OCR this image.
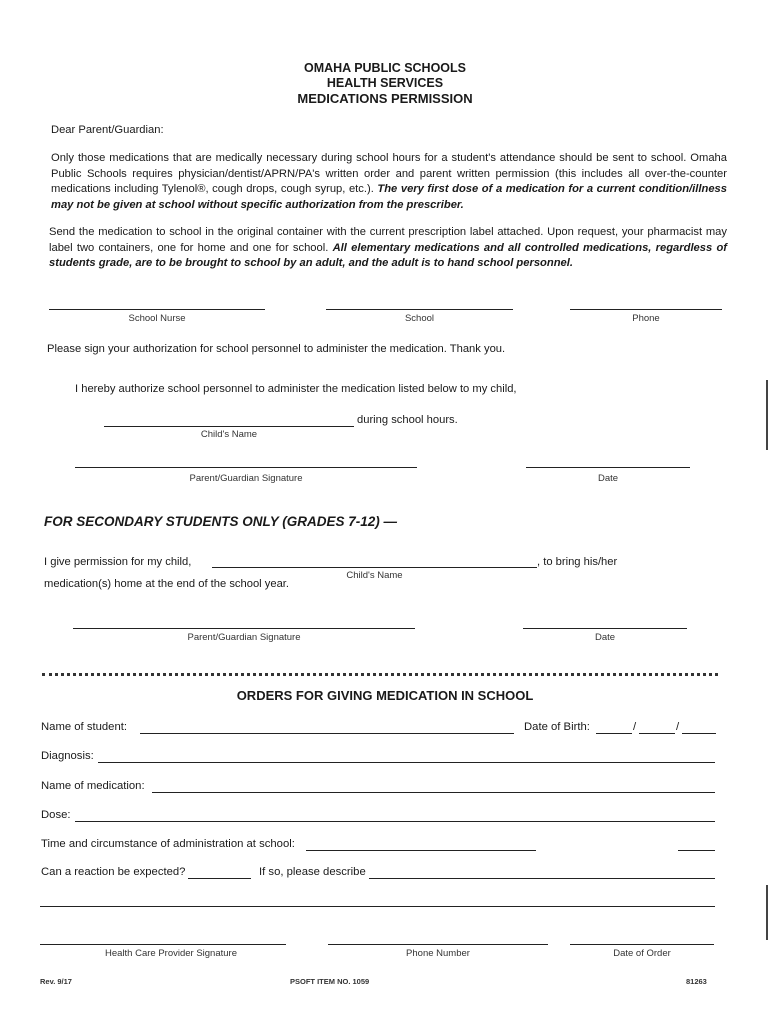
OMAHA PUBLIC SCHOOLS
HEALTH SERVICES
MEDICATIONS PERMISSION
Dear Parent/Guardian:
Only those medications that are medically necessary during school hours for a student's attendance should be sent to school. Omaha Public Schools requires physician/dentist/APRN/PA's written order and parent written permission (this includes all over-the-counter medications including Tylenol®, cough drops, cough syrup, etc.). The very first dose of a medication for a current condition/illness may not be given at school without specific authorization from the prescriber.
Send the medication to school in the original container with the current prescription label attached. Upon request, your pharmacist may label two containers, one for home and one for school. All elementary medications and all controlled medications, regardless of students grade, are to be brought to school by an adult, and the adult is to hand school personnel.
School Nurse	School	Phone
Please sign your authorization for school personnel to administer the medication. Thank you.
I hereby authorize school personnel to administer the medication listed below to my child,
during school hours.
Child's Name
Parent/Guardian Signature	Date
FOR SECONDARY STUDENTS ONLY (GRADES 7-12) —
I give permission for my child,	, to bring his/her
Child's Name
medication(s) home at the end of the school year.
Parent/Guardian Signature	Date
ORDERS FOR GIVING MEDICATION IN SCHOOL
Name of student:	Date of Birth:	/	/
Diagnosis:
Name of medication:
Dose:
Time and circumstance of administration at school:
Can a reaction be expected?	If so, please describe
Health Care Provider Signature	Phone Number	Date of Order
Rev. 9/17	PSOFT ITEM NO. 1059	81263
